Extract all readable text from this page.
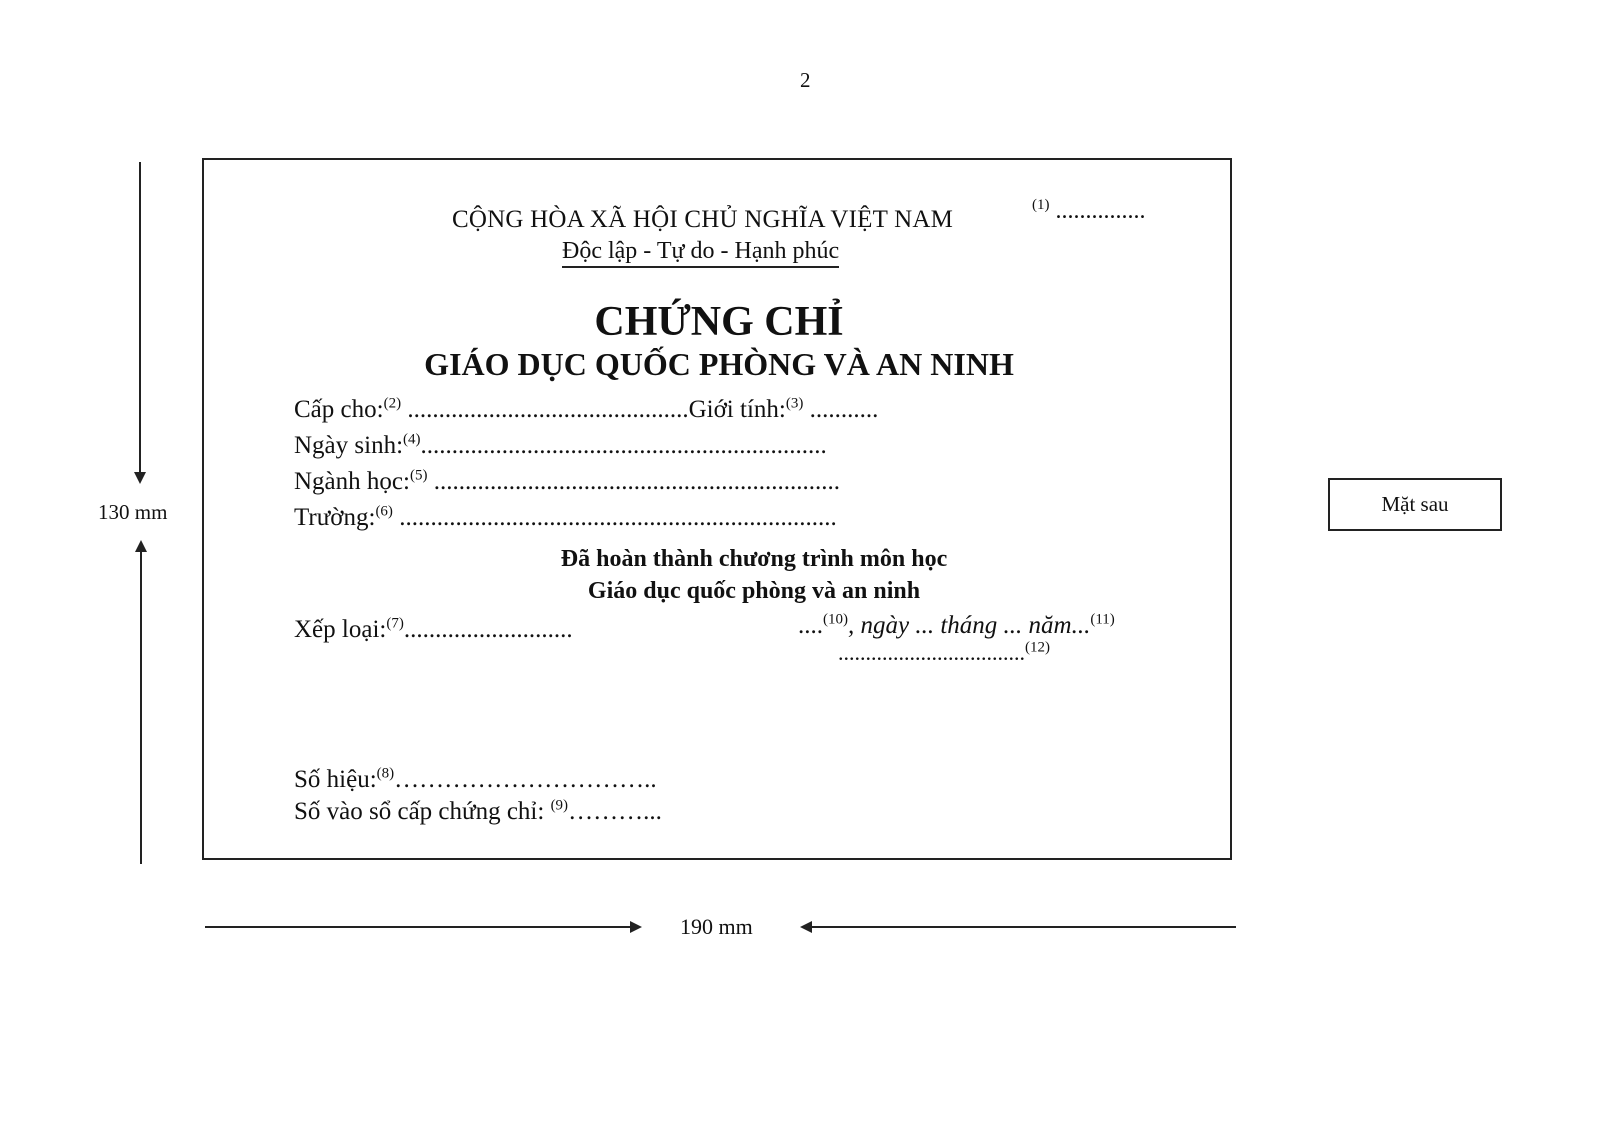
2
130 mm
190 mm
CỘNG HÒA XÃ HỘI CHỦ NGHĨA VIỆT NAM
Độc lập - Tự do - Hạnh phúc
$^{(1)}$ ...............
CHỨNG CHỈ
GIÁO DỤC QUỐC PHÒNG VÀ AN NINH
Cấp cho:$^{(2)}$ .............................................Giới tính:$^{(3)}$ ...........
Ngày sinh:$^{(4)}$.................................................................
Ngành học:$^{(5)}$ .................................................................
Trường:$^{(6)}$ ......................................................................
Đã hoàn thành chương trình môn học
Giáo dục quốc phòng và an ninh
Xếp loại:$^{(7)}$...........................	....$^{(10)}$, ngày ... tháng ... năm...$^{(11)}$
..................................$^{(12)}$
Số hiệu:$^{(8)}$…………………………..
Số vào sổ cấp chứng chỉ: $^{(9)}$………...
Mặt sau
